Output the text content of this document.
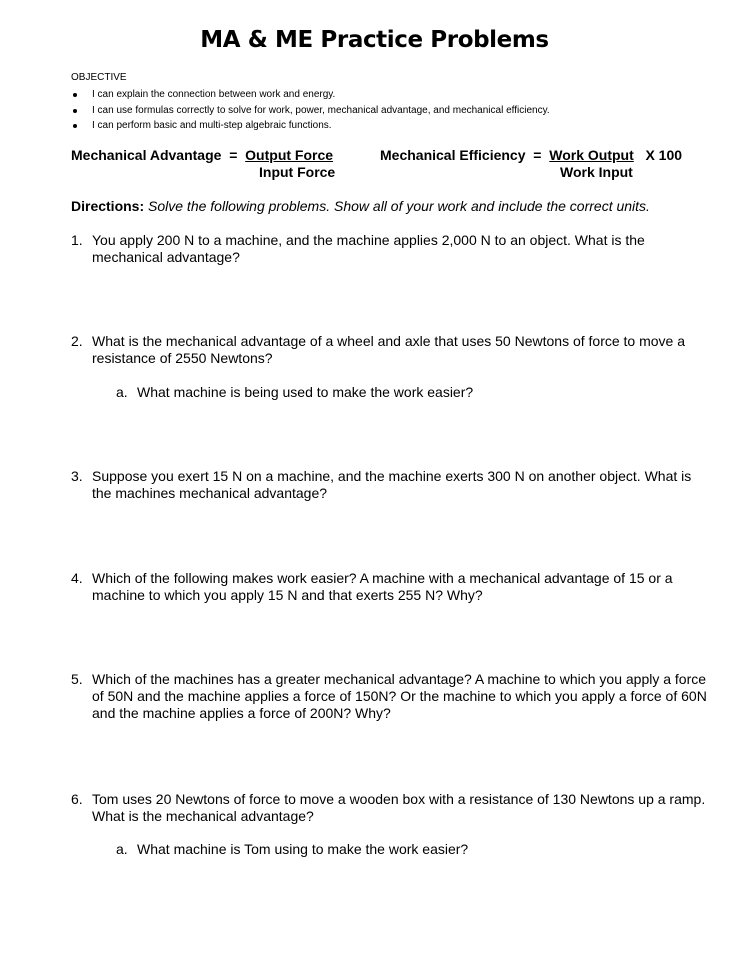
MA & ME Practice Problems
OBJECTIVE
I can explain the connection between work and energy.
I can use formulas correctly to solve for work, power, mechanical advantage, and mechanical efficiency.
I can perform basic and multi-step algebraic functions.
Mechanical Advantage = Output Force
Input Force
Mechanical Efficiency = Work Output X 100
Work Input
Directions: Solve the following problems. Show all of your work and include the correct units.
1. You apply 200 N to a machine, and the machine applies 2,000 N to an object. What is the mechanical advantage?
2. What is the mechanical advantage of a wheel and axle that uses 50 Newtons of force to move a resistance of 2550 Newtons?
a. What machine is being used to make the work easier?
3. Suppose you exert 15 N on a machine, and the machine exerts 300 N on another object. What is the machines mechanical advantage?
4. Which of the following makes work easier? A machine with a mechanical advantage of 15 or a machine to which you apply 15 N and that exerts 255 N? Why?
5. Which of the machines has a greater mechanical advantage? A machine to which you apply a force of 50N and the machine applies a force of 150N? Or the machine to which you apply a force of 60N and the machine applies a force of 200N? Why?
6. Tom uses 20 Newtons of force to move a wooden box with a resistance of 130 Newtons up a ramp. What is the mechanical advantage?
a. What machine is Tom using to make the work easier?
